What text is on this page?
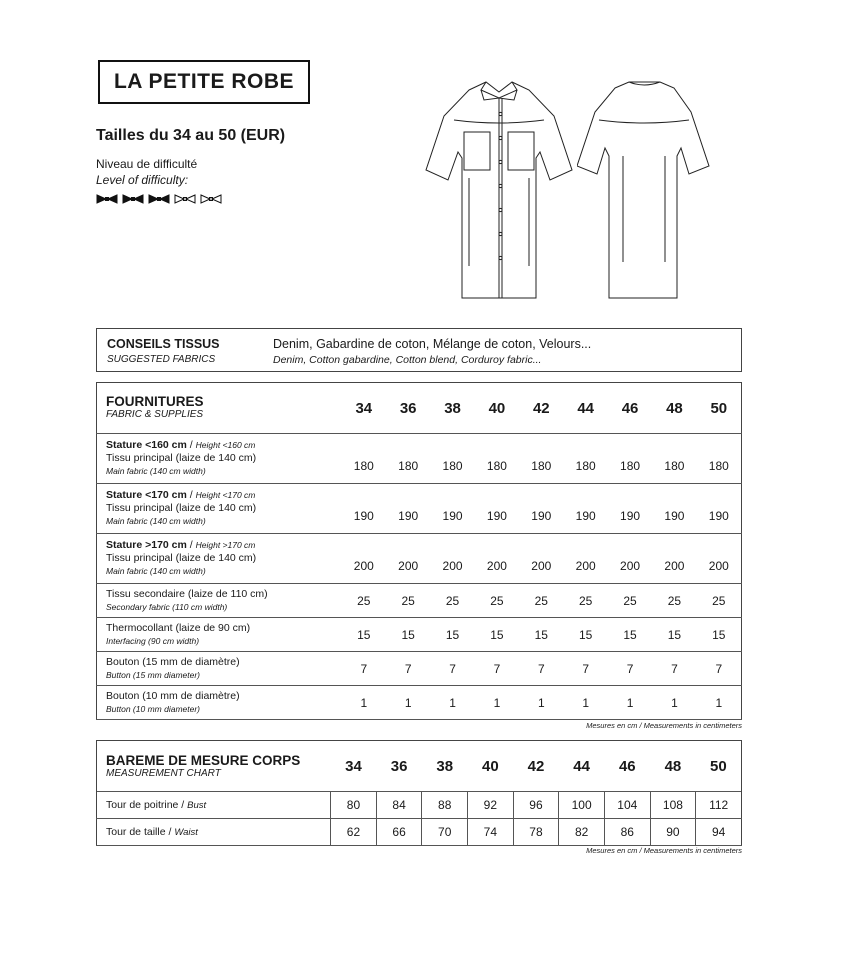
LA PETITE ROBE
Tailles du 34 au 50 (EUR)
Niveau de difficulté
Level of difficulty:
CONSEILS TISSUS
SUGGESTED FABRICS
Denim, Gabardine de coton, Mélange de coton, Velours...
Denim, Cotton gabardine, Cotton blend, Corduroy fabric...
FOURNITURES
FABRIC & SUPPLIES	34	36	38	40	42	44	46	48	50

Stature <160 cm / Height <160 cm
Tissu principal (laize de 140 cm)
Main fabric (140 cm width)	180	180	180	180	180	180	180	180	180

Stature <170 cm / Height <170 cm
Tissu principal (laize de 140 cm)
Main fabric (140 cm width)	190	190	190	190	190	190	190	190	190

Stature >170 cm / Height >170 cm
Tissu principal (laize de 140 cm)
Main fabric (140 cm width)	200	200	200	200	200	200	200	200	200

Tissu secondaire (laize de 110 cm)
Secondary fabric (110 cm width)	25	25	25	25	25	25	25	25	25

Thermocollant (laize de 90 cm)
Interfacing (90 cm width)	15	15	15	15	15	15	15	15	15

Bouton (15 mm de diamètre)
Button (15 mm diameter)	7	7	7	7	7	7	7	7	7

Bouton (10 mm de diamètre)
Button (10 mm diameter)	1	1	1	1	1	1	1	1	1
Mesures en cm / Measurements in centimeters
BAREME DE MESURE CORPS
MEASUREMENT CHART	34	36	38	40	42	44	46	48	50
Tour de poitrine / Bust	80	84	88	92	96	100	104	108	112
Tour de taille / Waist	62	66	70	74	78	82	86	90	94
Mesures en cm / Measurements in centimeters
